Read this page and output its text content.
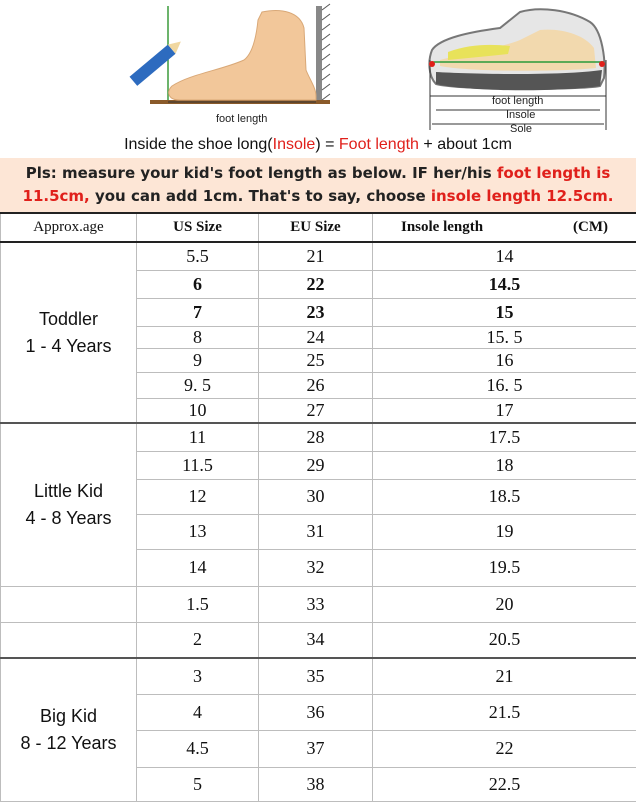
foot length
foot length
Insole
Sole
Inside the shoe long(Insole) = Foot length + about 1cm
Pls: measure your kid's foot length as below. IF her/his foot length is 11.5cm, you can add 1cm. That's to say, choose insole length 12.5cm.
Approx.age	US Size	EU Size	Insole length (CM)

Toddler
1 - 4 Years	5.5	21	14
	6	22	14.5
	7	23	15
	8	24	15. 5
	9	25	16
	9. 5	26	16. 5
	10	27	17

Little Kid
4 - 8 Years	11	28	17.5
	11.5	29	18
	12	30	18.5
	13	31	19
	14	32	19.5

	1.5	33	20

	2	34	20.5

Big Kid
8 - 12 Years	3	35	21
	4	36	21.5
	4.5	37	22
	5	38	22.5
